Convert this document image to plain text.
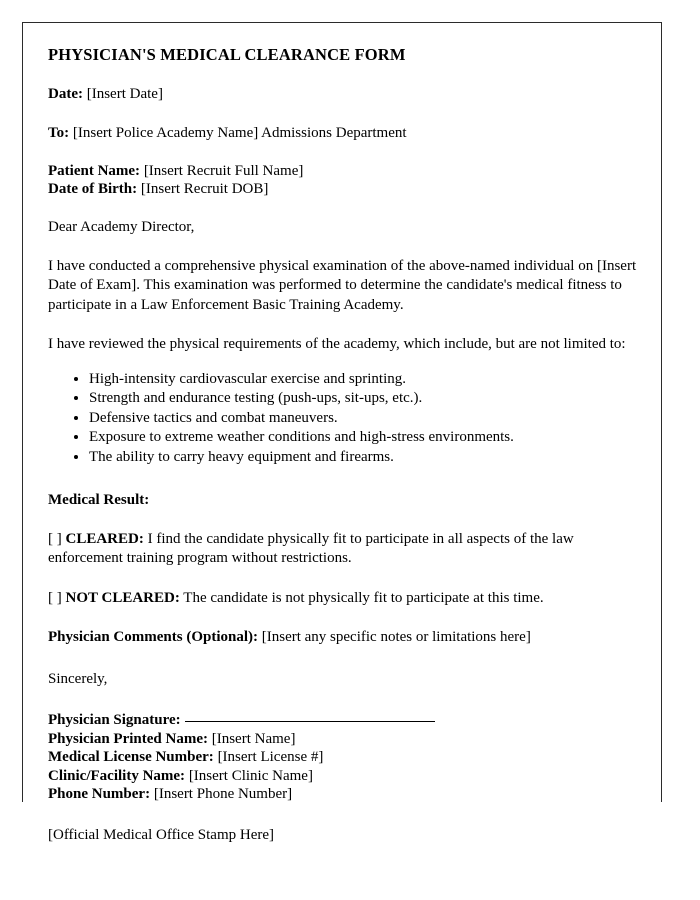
PHYSICIAN'S MEDICAL CLEARANCE FORM
Date: [Insert Date]
To: [Insert Police Academy Name] Admissions Department
Patient Name: [Insert Recruit Full Name]
Date of Birth: [Insert Recruit DOB]
Dear Academy Director,

I have conducted a comprehensive physical examination of the above-named individual on [Insert Date of Exam]. This examination was performed to determine the candidate's medical fitness to participate in a Law Enforcement Basic Training Academy.

I have reviewed the physical requirements of the academy, which include, but are not limited to:

• High-intensity cardiovascular exercise and sprinting.
• Strength and endurance testing (push-ups, sit-ups, etc.).
• Defensive tactics and combat maneuvers.
• Exposure to extreme weather conditions and high-stress environments.
• The ability to carry heavy equipment and firearms.
Medical Result:
[ ] CLEARED: I find the candidate physically fit to participate in all aspects of the law enforcement training program without restrictions.
[ ] NOT CLEARED: The candidate is not physically fit to participate at this time.
Physician Comments (Optional): [Insert any specific notes or limitations here]
Sincerely,
Physician Signature:
Physician Printed Name: [Insert Name]
Medical License Number: [Insert License #]
Clinic/Facility Name: [Insert Clinic Name]
Phone Number: [Insert Phone Number]
[Official Medical Office Stamp Here]
